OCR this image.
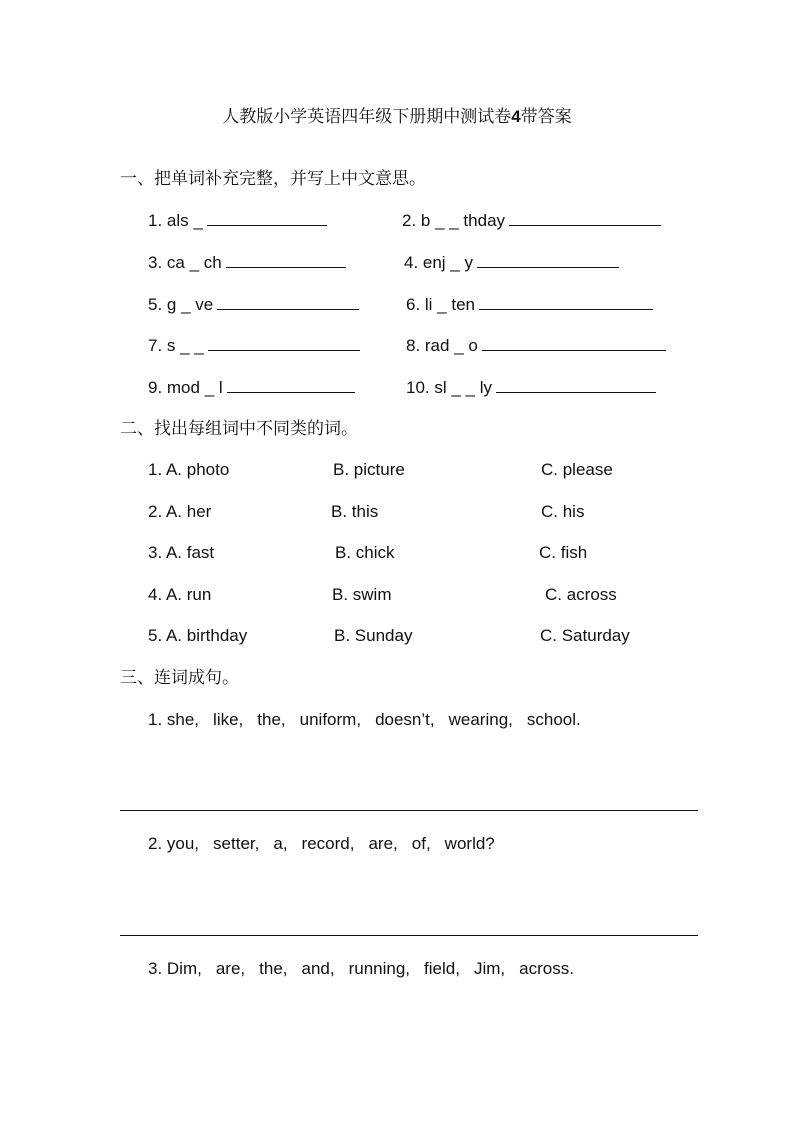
人教版小学英语四年级下册期中测试卷4带答案
一、把单词补充完整，并写上中文意思。
1. als _	2. b _ _ thday
3. ca _ ch	4. enj _ y
5. g _ ve	6. li _ ten
7. s _ _	8. rad _ o
9. mod _ l	10. sl _ _ ly
二、找出每组词中不同类的词。
1. A. photo	B. picture	C. please
2. A. her	B. this	C. his
3. A. fast	B. chick	C. fish
4. A. run	B. swim	C. across
5. A. birthday	B. Sunday	C. Saturday
三、连词成句。
1. she, like, the, uniform, doesn’t, wearing, school.
2. you, setter, a, record, are, of, world?
3. Dim, are, the, and, running, field, Jim, across.
